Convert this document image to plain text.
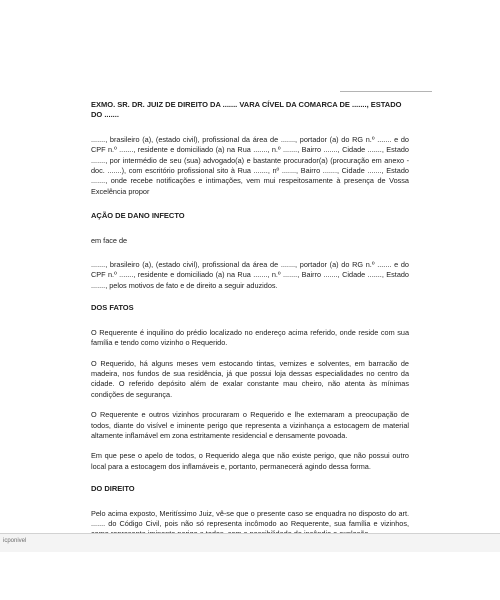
EXMO. SR. DR. JUIZ DE DIREITO DA ....... VARA CÍVEL DA COMARCA DE ......., ESTADO DO .......

......., brasileiro (a), (estado civil), profissional da área de ......., portador (a) do RG n.º ....... e do CPF n.º ......., residente e domiciliado (a) na Rua ......., n.º ......., Bairro ......., Cidade ......., Estado ......., por intermédio de seu (sua) advogado(a) e bastante procurador(a) (procuração em anexo - doc. .......), com escritório profissional sito à Rua ......., nº ......., Bairro ......., Cidade ......., Estado ......., onde recebe notificações e intimações, vem mui respeitosamente à presença de Vossa Excelência propor

AÇÃO DE DANO INFECTO

em face de

......., brasileiro (a), (estado civil), profissional da área de ......., portador (a) do RG n.º ....... e do CPF n.º ......., residente e domiciliado (a) na Rua ......., n.º ......., Bairro ......., Cidade ......., Estado ......., pelos motivos de fato e de direito a seguir aduzidos.

DOS FATOS

O Requerente é inquilino do prédio localizado no endereço acima referido, onde reside com sua família e tendo como vizinho o Requerido.

O Requerido, há alguns meses vem estocando tintas, vernizes e solventes, em barracão de madeira, nos fundos de sua residência, já que possui loja dessas especialidades no centro da cidade. O referido depósito além de exalar constante mau cheiro, não atenta às mínimas condições de segurança.

O Requerente e outros vizinhos procuraram o Requerido e lhe externaram a preocupação de todos, diante do visível e iminente perigo que representa a vizinhança a estocagem de material altamente inflamável em zona estritamente residencial e densamente povoada.

Em que pese o apelo de todos, o Requerido alega que não existe perigo, que não possui outro local para a estocagem dos inflamáveis e, portanto, permanecerá agindo dessa forma.

DO DIREITO

Pelo acima exposto, Meritíssimo Juiz, vê-se que o presente caso se enquadra no disposto do art. ....... do Código Civil, pois não só representa incômodo ao Requerente, sua família e vizinhos,

icponivel
